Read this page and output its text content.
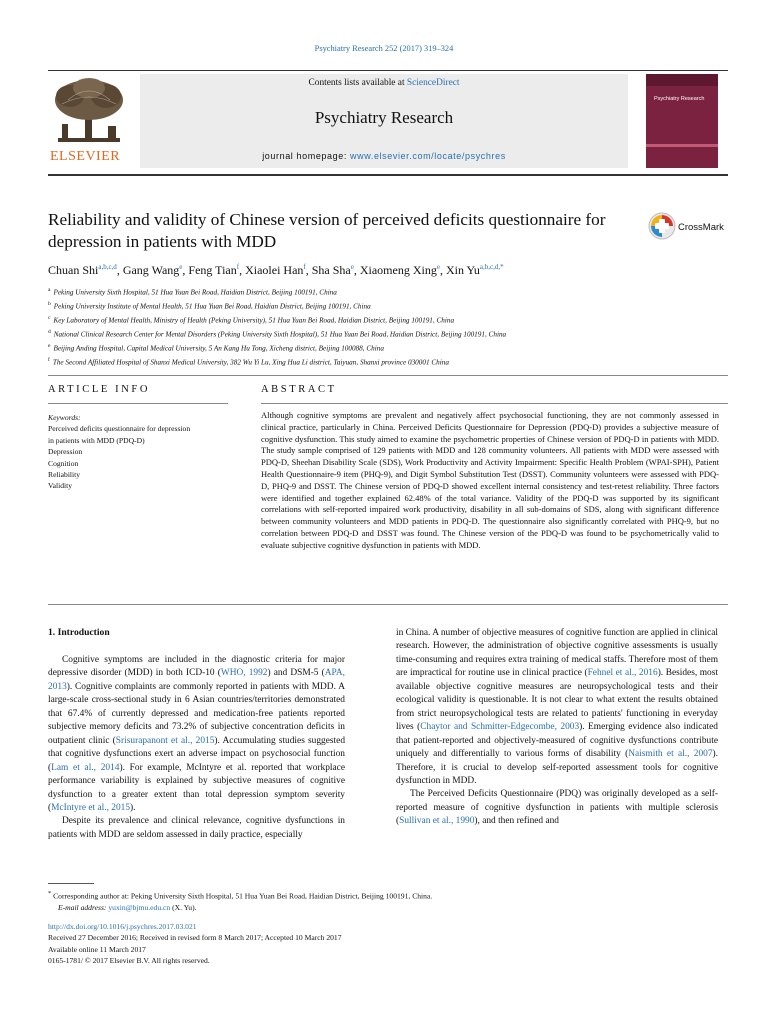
Psychiatry Research 252 (2017) 319–324
ELSEVIER
Contents lists available at ScienceDirect
Psychiatry Research
journal homepage: www.elsevier.com/locate/psychres
Psychiatry Research
Reliability and validity of Chinese version of perceived deficits questionnaire for depression in patients with MDD
CrossMark
Chuan Shi$^{a,b,c,d}$, Gang Wang$^e$, Feng Tian$^f$, Xiaolei Han$^f$, Sha Sha$^e$, Xiaomeng Xing$^e$, Xin $Yu^{a,b,c,d,*}$
$^a$ Peking University Sixth Hospital, 51 Hua Yuan Bei Road, Haidian District, Beijing 100191, China
$^b$ Peking University Institute of Mental Health, 51 Hua Yuan Bei Road, Haidian District, Beijing 100191, China
$^c$ Key Laboratory of Mental Health, Ministry of Health (Peking University), 51 Hua Yuan Bei Road, Haidian District, Beijing 100191, China
$^d$ National Clinical Research Center for Mental Disorders (Peking University Sixth Hospital), 51 Hua Yuan Bei Road, Haidian District, Beijing 100191, China
$^e$ Beijing Anding Hospital, Capital Medical University, 5 An Kang Hu Tong, Xicheng district, Beijing 100088, China
$^f$ The Second Affiliated Hospital of Shanxi Medical University, 382 Wu Yi Lu, Xing Hua Li district, Taiyuan, Shanxi province 030001 China
ARTICLE INFO
Keywords:
Perceived deficits questionnaire for depression
in patients with MDD (PDQ-D)
Depression
Cognition
Reliability
Validity
ABSTRACT
Although cognitive symptoms are prevalent and negatively affect psychosocial functioning, they are not commonly assessed in clinical practice, particularly in China. Perceived Deficits Questionnaire for Depression (PDQ-D) provides a subjective measure of cognitive dysfunction. This study aimed to examine the psychometric properties of Chinese version of PDQ-D in patients with MDD. The study sample comprised of 129 patients with MDD and 128 community volunteers. All patients with MDD were assessed with PDQ-D, Sheehan Disability Scale (SDS), Work Productivity and Activity Impairment: Specific Health Problem (WPAI-SPH), Patient Health Questionnaire-9 item (PHQ-9), and Digit Symbol Substitution Test (DSST). Community volunteers were assessed with PDQ-D, PHQ-9 and DSST. The Chinese version of PDQ-D showed excellent internal consistency and test-retest reliability. Three factors were identified and together explained 62.48% of the total variance. Validity of the PDQ-D was supported by its significant correlations with self-reported impaired work productivity, disability in all sub-domains of SDS, along with significant difference between community volunteers and MDD patients in PDQ-D. The questionnaire also significantly correlated with PHQ-9, but no correlation between PDQ-D and DSST was found. The Chinese version of the PDQ-D was found to be psychometrically valid to evaluate subjective cognitive dysfunction in patients with MDD.
1. Introduction

Cognitive symptoms are included in the diagnostic criteria for major depressive disorder (MDD) in both ICD-10 (WHO, 1992) and DSM-5 (APA, 2013). Cognitive complaints are commonly reported in patients with MDD. A large-scale cross-sectional study in 6 Asian countries/territories demonstrated that 67.4% of currently depressed and medication-free patients reported subjective memory deficits and 73.2% of subjective concentration deficits in outpatient clinic (Srisurapanont et al., 2015). Accumulating studies suggested that cognitive dysfunctions exert an adverse impact on psychosocial function (Lam et al., 2014). For example, McIntyre et al. reported that workplace performance variability is explained by subjective measures of cognitive dysfunction to a greater extent than total depression symptom severity (McIntyre et al., 2015).

Despite its prevalence and clinical relevance, cognitive dysfunctions in patients with MDD are seldom assessed in daily practice, especially

in China. A number of objective measures of cognitive function are applied in clinical research. However, the administration of objective cognitive assessments is usually time-consuming and requires extra training of medical staffs. Therefore most of them are impractical for routine use in clinical practice (Fehnel et al., 2016). Besides, most available objective cognitive measures are neuropsychological tests and their ecological validity is questionable. It is not clear to what extent the results obtained from strict neuropsychological tests are related to patients' functioning in everyday lives (Chaytor and Schmitter-Edgecombe, 2003). Emerging evidence also indicated that patient-reported and objectively-measured of cognitive dysfunctions contribute uniquely and differentially to various forms of disability (Naismith et al., 2007). Therefore, it is crucial to develop self-reported assessment tools for cognitive dysfunction in MDD.

The Perceived Deficits Questionnaire (PDQ) was originally developed as a self- reported measure of cognitive dysfunction in patients with multiple sclerosis (Sullivan et al., 1990), and then refined and

* Corresponding author at: Peking University Sixth Hospital, 51 Hua Yuan Bei Road, Haidian District, Beijing 100191, China.
E-mail address: yuxin@bjmu.edu.cn (X. Yu).
http://dx.doi.org/10.1016/j.psychres.2017.03.021
Received 27 December 2016; Received in revised form 8 March 2017; Accepted 10 March 2017
Available online 11 March 2017
0165-1781/ © 2017 Elsevier B.V. All rights reserved.
